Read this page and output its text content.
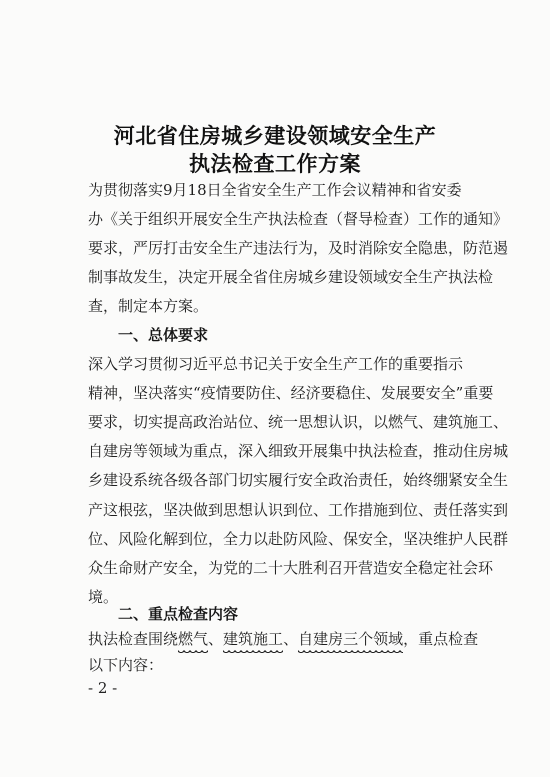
河北省住房城乡建设领域安全生产
执法检查工作方案
为贯彻落实9月18日全省安全生产工作会议精神和省安委
办《关于组织开展安全生产执法检查（督导检查）工作的通知》
要求，严厉打击安全生产违法行为，及时消除安全隐患，防范遏
制事故发生，决定开展全省住房城乡建设领域安全生产执法检
查，制定本方案。
一、总体要求
深入学习贯彻习近平总书记关于安全生产工作的重要指示
精神，坚决落实“疫情要防住、经济要稳住、发展要安全”重要
要求，切实提高政治站位、统一思想认识，以燃气、建筑施工、
自建房等领域为重点，深入细致开展集中执法检查，推动住房城
乡建设系统各级各部门切实履行安全政治责任，始终绷紧安全生
产这根弦，坚决做到思想认识到位、工作措施到位、责任落实到
位、风险化解到位，全力以赴防风险、保安全，坚决维护人民群
众生命财产安全，为党的二十大胜利召开营造安全稳定社会环
境。
二、重点检查内容
执法检查围绕燃气、建筑施工、自建房三个领域，重点检查
以下内容：
- 2 -
